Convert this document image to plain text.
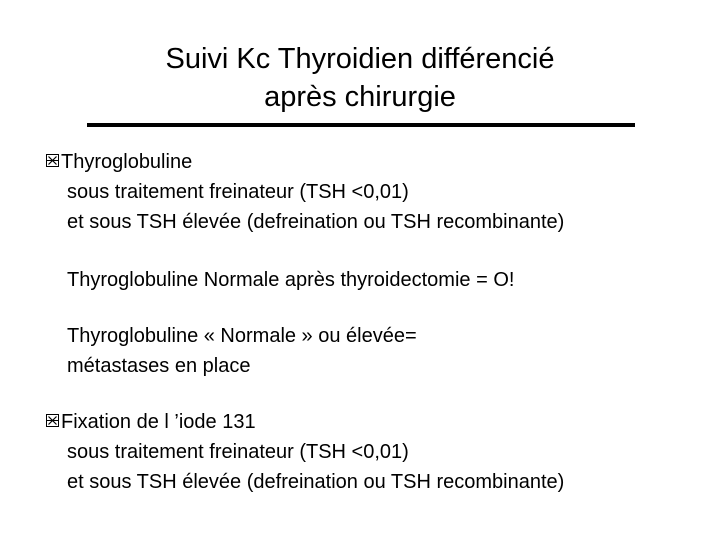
Suivi Kc Thyroidien différencié
après chirurgie
Thyroglobuline
sous traitement freinateur (TSH <0,01)
et sous TSH élevée (defreination ou TSH recombinante)
Thyroglobuline Normale après thyroidectomie = O!
Thyroglobuline « Normale » ou élevée=
métastases en place
Fixation de l ’iode 131
sous traitement freinateur (TSH <0,01)
et sous TSH élevée (defreination ou TSH recombinante)
